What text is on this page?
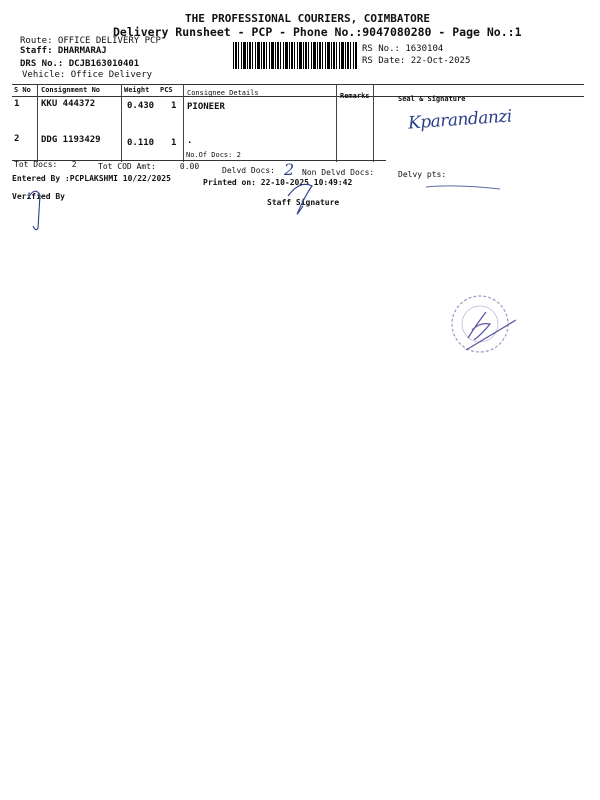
THE PROFESSIONAL COURIERS, COIMBATORE
Delivery Runsheet - PCP - Phone No.:9047080280 - Page No.:1
Route: OFFICE DELIVERY PCP
Staff: DHARMARAJ
DRS No.: DCJB163010401
Vehicle: Office Delivery
RS No.: 1630104
RS Date: 22-Oct-2025
S No Consignment No	Weight PCS Consignee Details	Remarks	Seal & Signature
1 KKU 444372	0.430 1 PIONEER
2 DDG 1193429	0.110 1 .
No.Of Docs: 2
Kparandanzi
Tot Docs:   2	Tot COD Amt:     0.00	Delvd Docs: 2 Non Delvd Docs:	Delvy pts:
Entered By :PCPLAKSHMI 10/22/2025	Printed on: 22-10-2025 10:49:42
Verified By
Staff Signature
